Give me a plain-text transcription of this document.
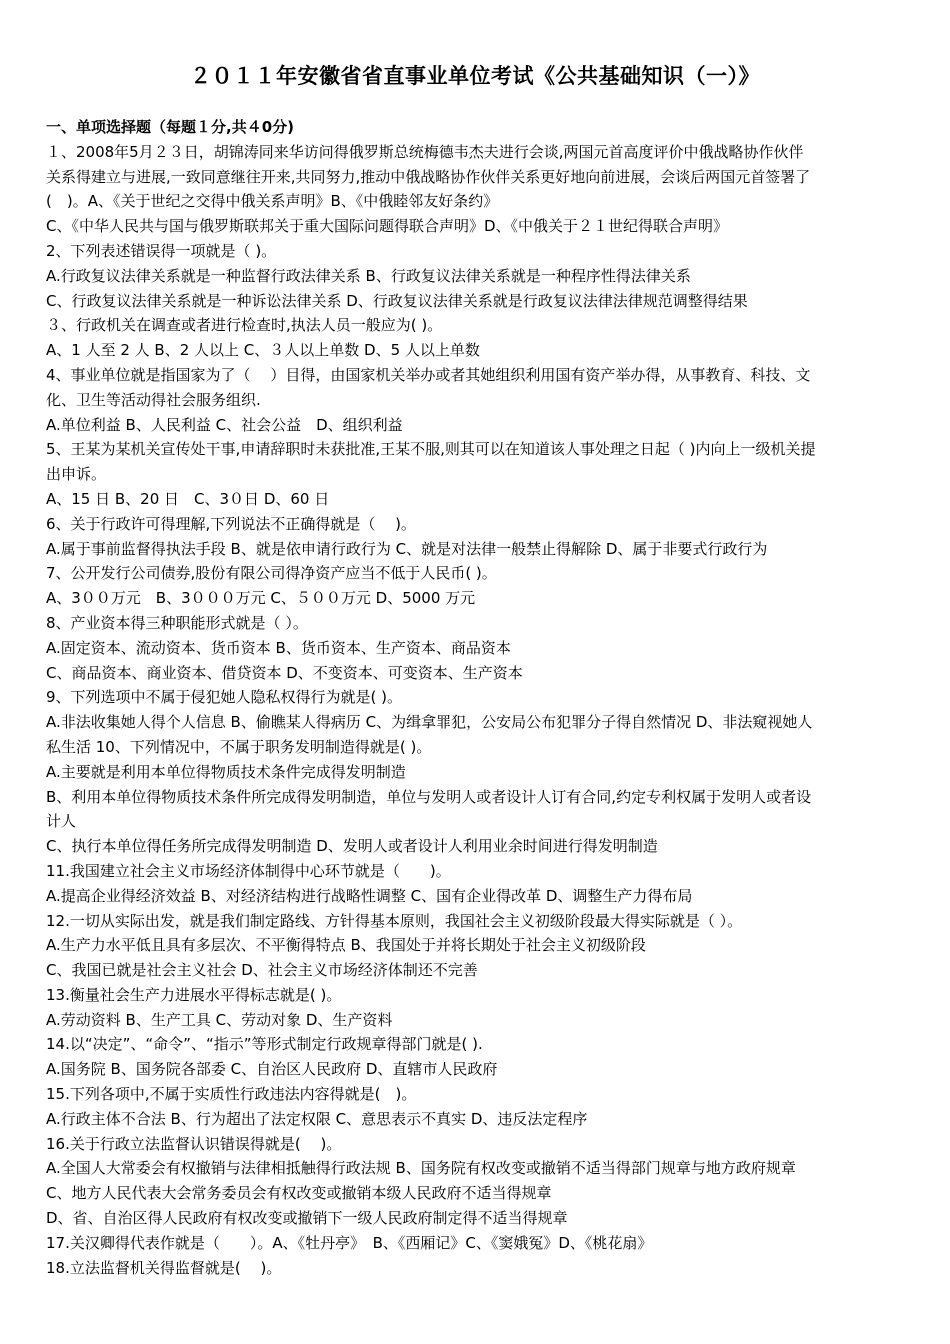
２０１１年安徽省省直事业单位考试《公共基础知识（一）》
一、单项选择题（每题１分,共４0分)
１、2008年5月２３日，胡锦涛同来华访问得俄罗斯总统梅德韦杰夫进行会谈,两国元首高度评价中俄战略协作伙伴
关系得建立与进展,一致同意继往开来,共同努力,推动中俄战略协作伙伴关系更好地向前进展，会谈后两国元首签署了
(　)。A、《关于世纪之交得中俄关系声明》B、《中俄睦邻友好条约》
C、《中华人民共与国与俄罗斯联邦关于重大国际问题得联合声明》D、《中俄关于２１世纪得联合声明》
2、下列表述错误得一项就是（ )。
A.行政复议法律关系就是一种监督行政法律关系 B、行政复议法律关系就是一种程序性得法律关系
C、行政复议法律关系就是一种诉讼法律关系 D、行政复议法律关系就是行政复议法律法律规范调整得结果
３、行政机关在调查或者进行检查时,执法人员一般应为( )。
A、1 人至 2 人 B、2 人以上 C、３人以上单数 D、5 人以上单数
4、事业单位就是指国家为了（　 ）目得，由国家机关举办或者其她组织利用国有资产举办得，从事教育、科技、文
化、卫生等活动得社会服务组织.
A.单位利益 B、人民利益 C、社会公益　D、组织利益
5、王某为某机关宣传处干事,申请辞职时未获批准,王某不服,则其可以在知道该人事处理之日起（ )内向上一级机关提
出申诉。
A、15 日 B、20 日　C、3０日 D、60 日
6、关于行政许可得理解,下列说法不正确得就是（　 )。
A.属于事前监督得执法手段 B、就是依申请行政行为 C、就是对法律一般禁止得解除 D、属于非要式行政行为
7、公开发行公司债券,股份有限公司得净资产应当不低于人民币( )。
A、3００万元　B、3０００万元 C、５００万元 D、5000 万元
8、产业资本得三种职能形式就是（ ）。
A.固定资本、流动资本、货币资本 B、货币资本、生产资本、商品资本
C、商品资本、商业资本、借贷资本 D、不变资本、可变资本、生产资本
9、下列选项中不属于侵犯她人隐私权得行为就是( )。
A.非法收集她人得个人信息 B、偷瞧某人得病历 C、为缉拿罪犯，公安局公布犯罪分子得自然情况 D、非法窥视她人
私生活 10、下列情况中，不属于职务发明制造得就是( )。
A.主要就是利用本单位得物质技术条件完成得发明制造
B、利用本单位得物质技术条件所完成得发明制造，单位与发明人或者设计人订有合同,约定专利权属于发明人或者设
计人
C、执行本单位得任务所完成得发明制造 D、发明人或者设计人利用业余时间进行得发明制造
11.我国建立社会主义市场经济体制得中心环节就是（　　)。
A.提高企业得经济效益 B、对经济结构进行战略性调整 C、国有企业得改革 D、调整生产力得布局
12.一切从实际出发，就是我们制定路线、方针得基本原则，我国社会主义初级阶段最大得实际就是（ ）。
A.生产力水平低且具有多层次、不平衡得特点 B、我国处于并将长期处于社会主义初级阶段
C、我国已就是社会主义社会 D、社会主义市场经济体制还不完善
13.衡量社会生产力进展水平得标志就是( )。
A.劳动资料 B、生产工具 C、劳动对象 D、生产资料
14.以“决定”、“命令”、“指示”等形式制定行政规章得部门就是( ).
A.国务院 B、国务院各部委 C、自治区人民政府 D、直辖市人民政府
15.下列各项中,不属于实质性行政违法内容得就是(　)。
A.行政主体不合法 B、行为超出了法定权限 C、意思表示不真实 D、违反法定程序
16.关于行政立法监督认识错误得就是(　 )。
A.全国人大常委会有权撤销与法律相抵触得行政法规 B、国务院有权改变或撤销不适当得部门规章与地方政府规章
C、地方人民代表大会常务委员会有权改变或撤销本级人民政府不适当得规章
D、省、自治区得人民政府有权改变或撤销下一级人民政府制定得不适当得规章
17.关汉卿得代表作就是（　　）。A、《牡丹亭》　B、《西厢记》C、《窦娥冤》D、《桃花扇》
18.立法监督机关得监督就是(　 )。
